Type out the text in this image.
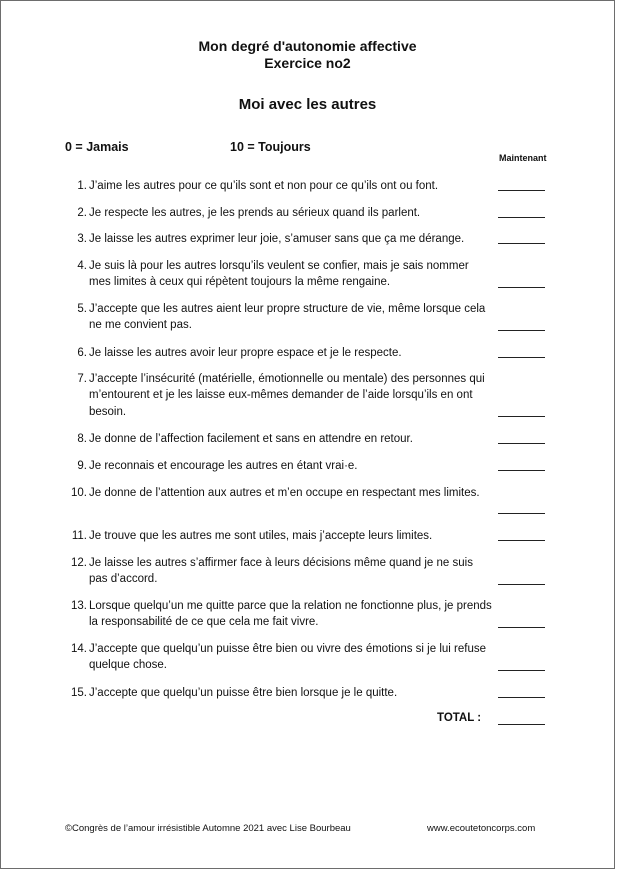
Mon degré d'autonomie affective
Exercice no2
Moi avec les autres
0 = Jamais	10 = Toujours
Maintenant
1. J’aime les autres pour ce qu’ils sont et non pour ce qu’ils ont ou font.
2. Je respecte les autres, je les prends au sérieux quand ils parlent.
3. Je laisse les autres exprimer leur joie, s’amuser sans que ça me dérange.
4. Je suis là pour les autres lorsqu’ils veulent se confier, mais je sais nommer mes limites à ceux qui répètent toujours la même rengaine.
5. J’accepte que les autres aient leur propre structure de vie, même lorsque cela ne me convient pas.
6. Je laisse les autres avoir leur propre espace et je le respecte.
7. J’accepte l’insécurité (matérielle, émotionnelle ou mentale) des personnes qui m’entourent et je les laisse eux-mêmes demander de l’aide lorsqu’ils en ont besoin.
8. Je donne de l’affection facilement et sans en attendre en retour.
9. Je reconnais et encourage les autres en étant vrai·e.
10. Je donne de l’attention aux autres et m’en occupe en respectant mes limites.
11. Je trouve que les autres me sont utiles, mais j’accepte leurs limites.
12. Je laisse les autres s’affirmer face à leurs décisions même quand je ne suis pas d’accord.
13. Lorsque quelqu’un me quitte parce que la relation ne fonctionne plus, je prends la responsabilité de ce que cela me fait vivre.
14. J’accepte que quelqu’un puisse être bien ou vivre des émotions si je lui refuse quelque chose.
15. J’accepte que quelqu’un puisse être bien lorsque je le quitte.
TOTAL :
©Congrès de l’amour irrésistible Automne 2021 avec Lise Bourbeau	www.ecoutetoncorps.com
